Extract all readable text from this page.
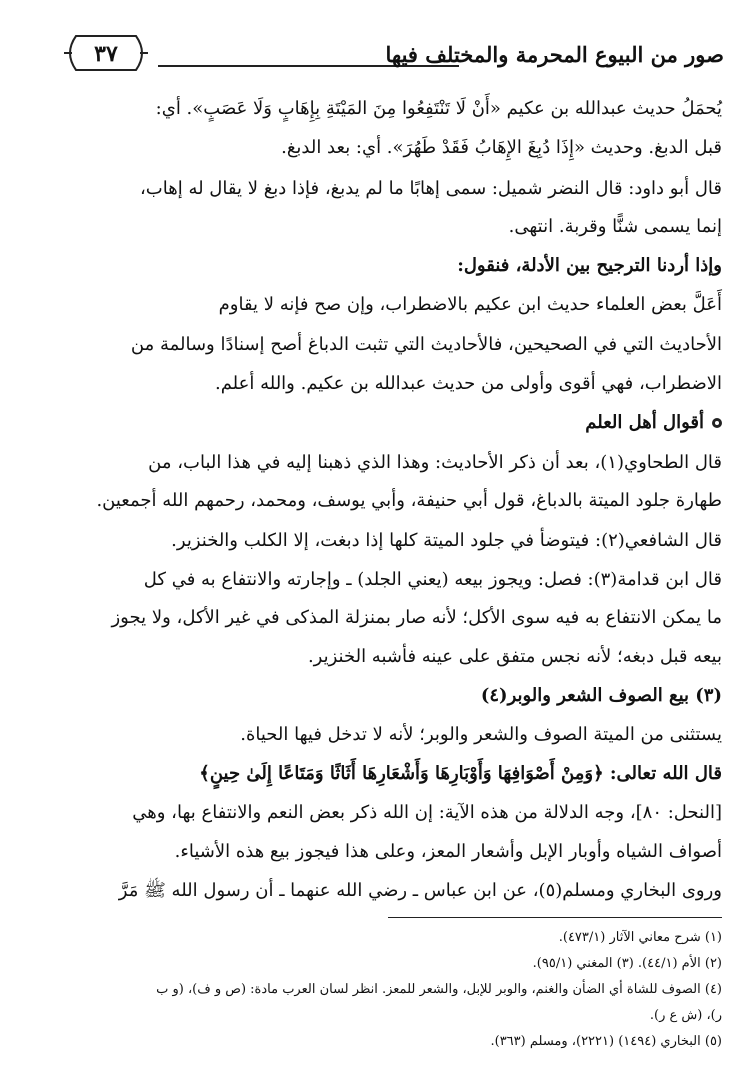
٣٧	صور من البيوع المحرمة والمختلف فيها
يُحمَلُ حديث عبدالله بن عكيم «أَنْ لَا تَنْتَفِعُوا مِنَ المَيْتَةِ بِإِهَابٍ وَلَا عَصَبٍ». أي:
قبل الدبغ. وحديث «إِذَا دُبِغَ الإِهَابُ فَقَدْ طَهُرَ». أي: بعد الدبغ.
قال أبو داود: قال النضر شميل: سمى إهابًا ما لم يدبغ، فإذا دبغ لا يقال له إهاب،
إنما يسمى شنًّا وقربة. انتهى.
وإذا أردنا الترجيح بين الأدلة، فنقول:
أَعَلَّ بعض العلماء حديث ابن عكيم بالاضطراب، وإن صح فإنه لا يقاوم
الأحاديث التي في الصحيحين، فالأحاديث التي تثبت الدباغ أصح إسنادًا وسالمة من
الاضطراب، فهي أقوى وأولى من حديث عبدالله بن عكيم. والله أعلم.
أقوال أهل العلم
قال الطحاوي(١)، بعد أن ذكر الأحاديث: وهذا الذي ذهبنا إليه في هذا الباب، من
طهارة جلود الميتة بالدباغ، قول أبي حنيفة، وأبي يوسف، ومحمد، رحمهم الله أجمعين.
قال الشافعي(٢): فيتوضأ في جلود الميتة كلها إذا دبغت، إلا الكلب والخنزير.
قال ابن قدامة(٣): فصل: ويجوز بيعه (يعني الجلد) ـ وإجارته والانتفاع به في كل
ما يمكن الانتفاع به فيه سوى الأكل؛ لأنه صار بمنزلة المذكى في غير الأكل، ولا يجوز
بيعه قبل دبغه؛ لأنه نجس متفق على عينه فأشبه الخنزير.
(٣) بيع الصوف الشعر والوبر(٤)
يستثنى من الميتة الصوف والشعر والوبر؛ لأنه لا تدخل فيها الحياة.
قال الله تعالى: ﴿وَمِنْ أَصْوَافِهَا وَأَوْبَارِهَا وَأَشْعَارِهَا أَثَاثًا وَمَتَاعًا إِلَىٰ حِينٍ﴾
[النحل: ٨٠]، وجه الدلالة من هذه الآية: إن الله ذكر بعض النعم والانتفاع بها، وهي
أصواف الشياه وأوبار الإبل وأشعار المعز، وعلى هذا فيجوز بيع هذه الأشياء.
وروى البخاري ومسلم(٥)، عن ابن عباس ـ رضي الله عنهما ـ أن رسول الله ﷺ مَرَّ
(١) شرح معاني الآثار (٤٧٣/١).
(٢) الأم (٤٤/١). (٣) المغني (٩٥/١).
(٤) الصوف للشاة أي الضأن والغنم، والوبر للإبل، والشعر للمعز. انظر لسان العرب مادة: (ص و ف)، (و ب
ر)، (ش ع ر).
(٥) البخاري (١٤٩٤) (٢٢٢١)، ومسلم (٣٦٣).
